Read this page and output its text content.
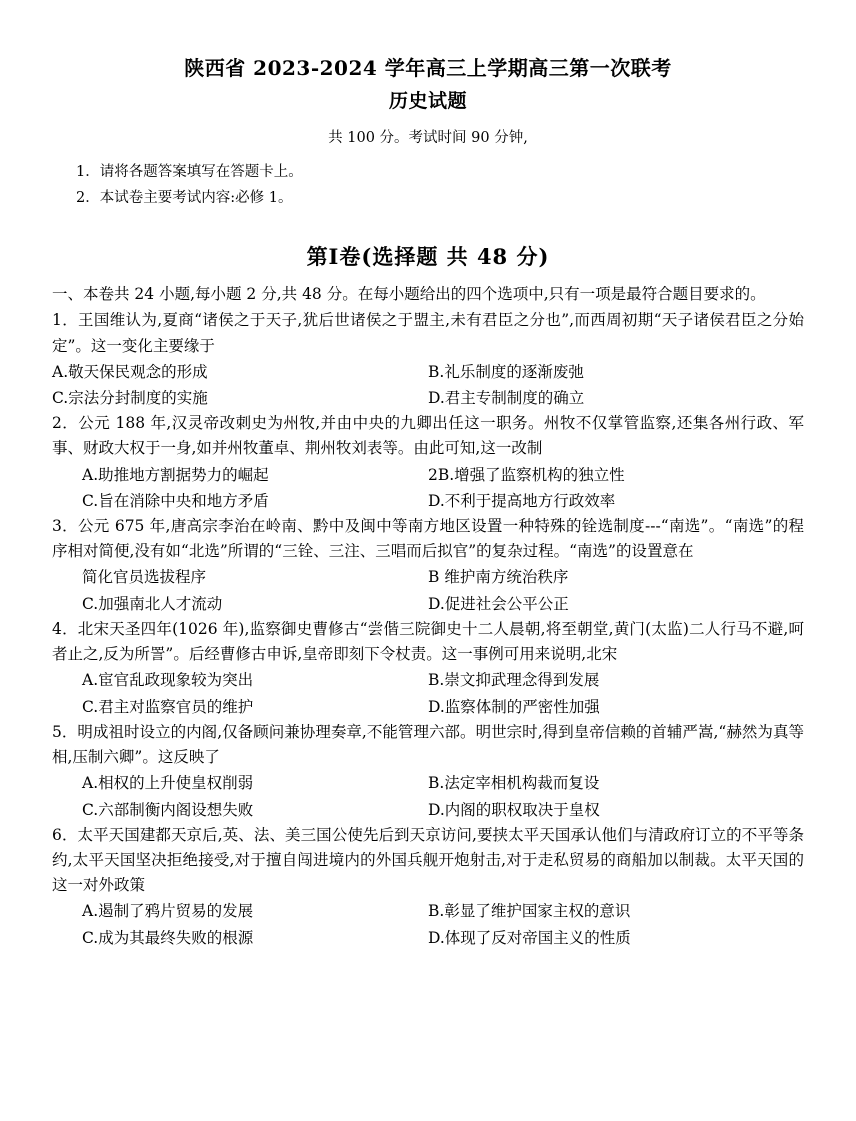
陕西省 2023-2024 学年高三上学期高三第一次联考
历史试题
共 100 分。考试时间 90 分钟,
1．请将各题答案填写在答题卡上。
2．本试卷主要考试内容:必修 1。
第Ⅰ卷(选择题 共 48 分)
一、本卷共 24 小题,每小题 2 分,共 48 分。在每小题给出的四个选项中,只有一项是最符合题目要求的。
1．王国维认为,夏商“诸侯之于天子,犹后世诸侯之于盟主,未有君臣之分也”,而西周初期“天子诸侯君臣之分始定”。这一变化主要缘于
A.敬天保民观念的形成	B.礼乐制度的逐渐废弛
C.宗法分封制度的实施	D.君主专制制度的确立
2．公元 188 年,汉灵帝改刺史为州牧,并由中央的九卿出任这一职务。州牧不仅掌管监察,还集各州行政、军事、财政大权于一身,如并州牧董卓、荆州牧刘表等。由此可知,这一改制
A.助推地方割据势力的崛起	2B.增强了监察机构的独立性
C.旨在消除中央和地方矛盾	D.不利于提高地方行政效率
3．公元 675 年,唐高宗李治在岭南、黔中及闽中等南方地区设置一种特殊的铨选制度---“南选”。“南选”的程序相对简便,没有如“北选”所谓的“三铨、三注、三唱而后拟官”的复杂过程。“南选”的设置意在
简化官员选拔程序	B 维护南方统治秩序
C.加强南北人才流动	D.促进社会公平公正
4．北宋天圣四年(1026 年),监察御史曹修古“尝偕三院御史十二人晨朝,将至朝堂,黄门(太监)二人行马不避,呵者止之,反为所詈”。后经曹修古申诉,皇帝即刻下令杖责。这一事例可用来说明,北宋
A.宦官乱政现象较为突出	B.崇文抑武理念得到发展
C.君主对监察官员的维护	D.监察体制的严密性加强
5．明成祖时设立的内阁,仅备顾问兼协理奏章,不能管理六部。明世宗时,得到皇帝信赖的首辅严嵩,“赫然为真等相,压制六卿”。这反映了
A.相权的上升使皇权削弱	B.法定宰相机构裁而复设
C.六部制衡内阁设想失败	D.内阁的职权取决于皇权
6．太平天国建都天京后,英、法、美三国公使先后到天京访问,要挟太平天国承认他们与清政府订立的不平等条约,太平天国坚决拒绝接受,对于擅自闯进境内的外国兵舰开炮射击,对于走私贸易的商船加以制裁。太平天国的这一对外政策
A.遏制了鸦片贸易的发展	B.彰显了维护国家主权的意识
C.成为其最终失败的根源	D.体现了反对帝国主义的性质
